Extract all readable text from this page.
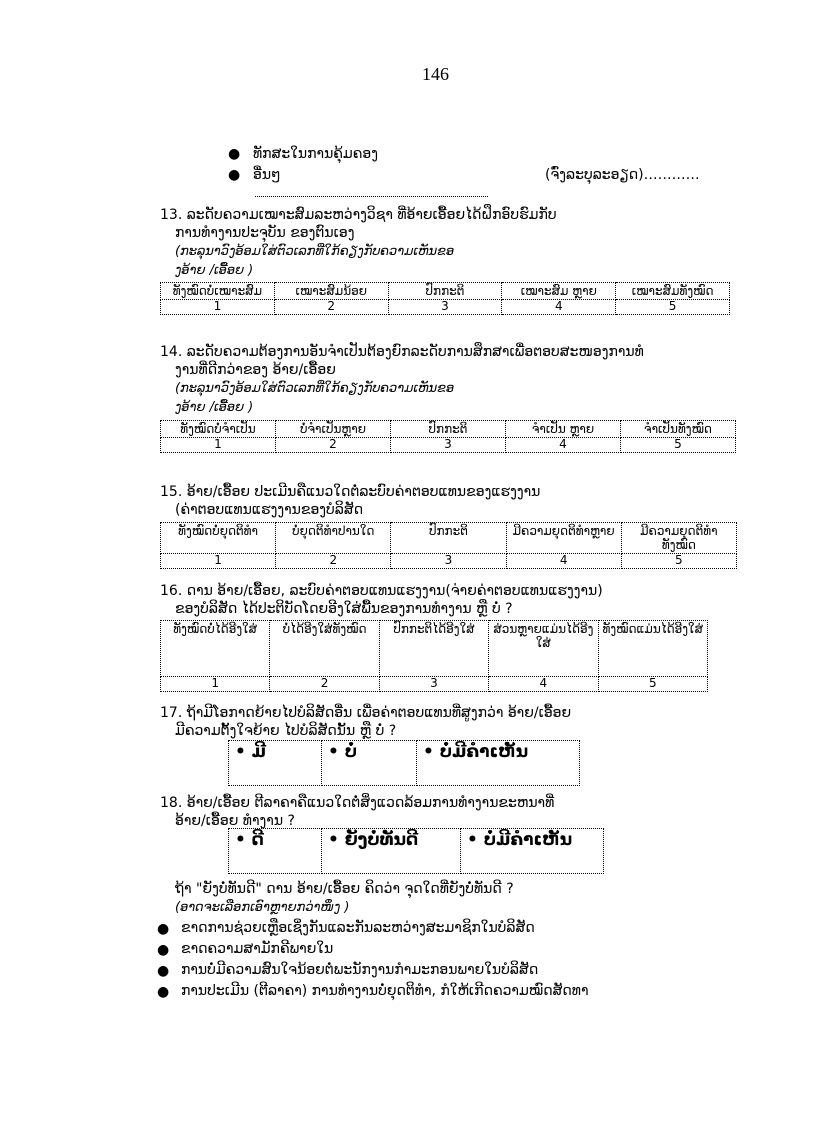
146
● ທັກສະໃນການຄຸ້ມຄອງ
● ອື່ນໆ	(ຈົ່ງລະບຸລະອຽດ)…………
13. ລະດັບຄວາມເໝາະສົມລະຫວ່າງວິຊາ ທີ່ອ້າຍເອື້ອຍໄດ້ຝຶກອົບຮົມກັບ
ການທໍາງານປະຈຸບັນ ຂອງຕົນເອງ
(ກະລຸນາວົງອ້ອມໃສ່ຕົວເລກທີ່ໃກ້ຄຽງກັບຄວາມເຫັນຂອ
ງອ້າຍ /ເອື້ອຍ )
ທັງໝົດບໍ່ເໝາະສົມ	ເໝາະສົມນ້ອຍ	ປົກກະຕິ	ເໝາະສົມ ຫຼາຍ	ເໝາະສົມທັງໝົດ
1	2	3	4	5
14. ລະດັບຄວາມຕ້ອງການອັນຈໍາເປັນຕ້ອງຍົກລະດັບການສຶກສາເພື່ອຕອບສະໜອງການທໍ
ງານທີ່ດີກວ່າຂອງ ອ້າຍ/ເອື້ອຍ
(ກະລຸນາວົງອ້ອມໃສ່ຕົວເລກທີ່ໃກ້ຄຽງກັບຄວາມເຫັນຂອ
ງອ້າຍ /ເອື້ອຍ )
ທັງໝົດບໍ່ຈໍາເປັນ	ບໍ່ຈໍາເປັນຫຼາຍ	ປົກກະຕິ	ຈໍາເປັນ ຫຼາຍ	ຈໍາເປັນທັງໝົດ
1	2	3	4	5
15. ອ້າຍ/ເອື້ອຍ ປະເມີນຄືແນວໃດຕໍ່ລະບົບຄ່າຕອບແທນຂອງແຮງງານ
(ຄ່າຕອບແທນແຮງງານຂອງບໍລິສັດ
ທັງໝົດບໍ່ຍຸດຕິທໍາ	ບໍ່ຍຸດຕິທໍາປານໃດ	ປົກກະຕິ	ມີຄວາມຍຸດຕິທໍາຫຼາຍ	ມີຄວາມຍຸດຕິທໍາທັງໝົດ
1	2	3	4	5
16. ດານ ອ້າຍ/ເອື້ອຍ, ລະບົບຄ່າຕອບແທນແຮງງານ(ຈ່າຍຄ່າຕອບແທນແຮງງານ)
ຂອງບໍລິສັດ ໄດ້ປະຕິບັດໂດຍອີງໃສ່ພື້ນຂອງການທໍາງານ ຫຼື ບໍ່ ?
ທັງໝົດບໍ່ໄດ້ອີງໃສ່	ບໍ່ໄດ້ອີງໃສ່ທັງໝົດ	ປົກກະຕິໄດ້ອີງໃສ່	ສ່ວນຫຼາຍແມ່ນໄດ້ອີງໃສ່	ທັງໝົດແມ່ນໄດ້ອີງໃສ່
1	2	3	4	5
17. ຖ້າມີໂອກາດຍ້າຍໄປບໍລິສັດອື່ນ ເພື່ອຄ່າຕອບແທນທີ່ສູງກວ່າ ອ້າຍ/ເອື້ອຍ
ມີຄວາມຕັ້ງໃຈຍ້າຍ ໄປບໍລິສັດນັ້ນ ຫຼື ບໍ່ ?
• ມີ	• ບໍ່	• ບໍ່ມີຄໍາເຫັນ
18. ອ້າຍ/ເອື້ອຍ ຕີລາຄາຄືແນວໃດຕໍ່ສິ່ງແວດລ້ອມການທໍາງານຂະຫນາທີ່
ອ້າຍ/ເອື້ອຍ ທໍາງານ ?
• ດີ	• ຍັງບໍ່ທັນດີ	• ບໍ່ມີຄໍາເຫັນ
ຖ້າ "ຍັງບໍ່ທັນດີ" ດານ ອ້າຍ/ເອື້ອຍ ຄິດວ່າ ຈຸດໃດທີ່ຍັງບໍ່ທັນດີ ?
(ອາດຈະເລືອກເອົາຫຼາຍກວ່າໜຶ່ງ )
● ຂາດການຊ່ວຍເຫຼືອເຊິ່ງກັນແລະກັນລະຫວ່າງສະມາຊິກໃນບໍລິສັດ
● ຂາດຄວາມສາມັກຄີພາຍໃນ
● ການບໍ່ມີຄວາມສົນໃຈນ້ອຍຕໍ່ພະນັກງານກໍາມະກອນພາຍໃນບໍລິສັດ
● ການປະເມີນ (ຕີລາຄາ) ການທໍາງານບໍ່ຍຸດຕິທໍາ, ກໍໃຫ້ເກີດຄວາມໝົດສັດທາ
